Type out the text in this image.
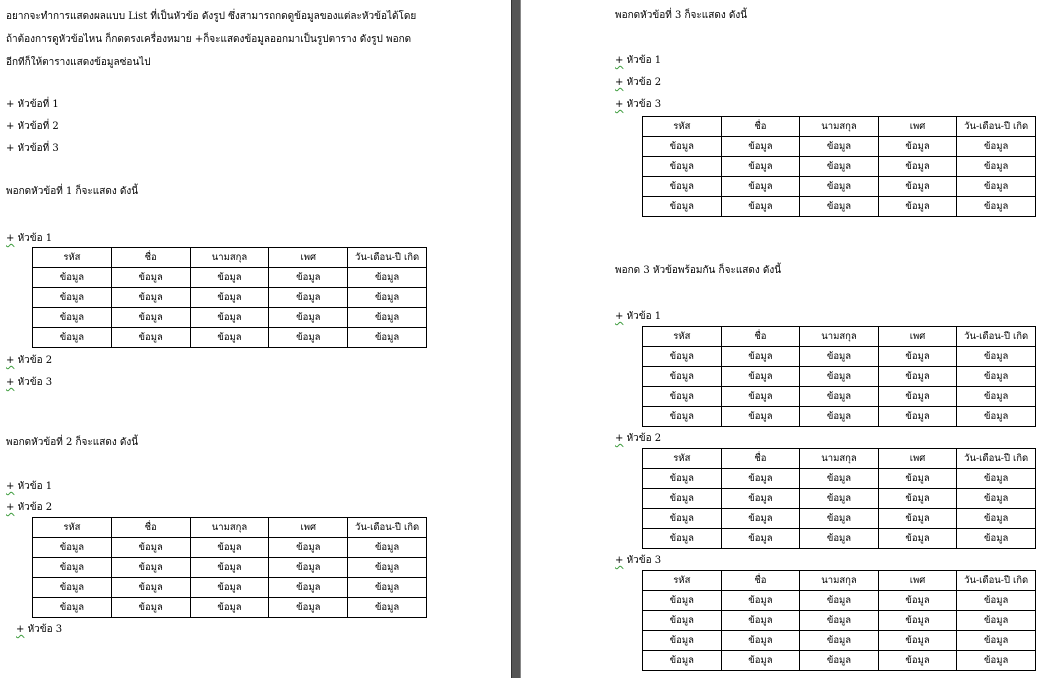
อยากจะทำการแสดงผลแบบ List ที่เป็นหัวข้อ ดังรูป ซึ่งสามารถกดดูข้อมูลของแต่ละหัวข้อได้โดย
ถ้าต้องการดูหัวข้อไหน ก็กดตรงเครื่องหมาย +ก็จะแสดงข้อมูลออกมาเป็นรูปตาราง ดังรูป พอกด
อีกทีก็ให้ตารางแสดงข้อมูลซ่อนไป
+ หัวข้อที่ 1
+ หัวข้อที่ 2
+ หัวข้อที่ 3
พอกดหัวข้อที่ 1 ก็จะแสดง ดังนี้
+ หัวข้อ 1
รหัส	ชื่อ	นามสกุล	เพศ	วัน-เดือน-ปี เกิด
ข้อมูล	ข้อมูล	ข้อมูล	ข้อมูล	ข้อมูล
ข้อมูล	ข้อมูล	ข้อมูล	ข้อมูล	ข้อมูล
ข้อมูล	ข้อมูล	ข้อมูล	ข้อมูล	ข้อมูล
ข้อมูล	ข้อมูล	ข้อมูล	ข้อมูล	ข้อมูล
+ หัวข้อ 2
+ หัวข้อ 3
พอกดหัวข้อที่ 2 ก็จะแสดง ดังนี้
+ หัวข้อ 1
+ หัวข้อ 2
รหัส	ชื่อ	นามสกุล	เพศ	วัน-เดือน-ปี เกิด
ข้อมูล	ข้อมูล	ข้อมูล	ข้อมูล	ข้อมูล
ข้อมูล	ข้อมูล	ข้อมูล	ข้อมูล	ข้อมูล
ข้อมูล	ข้อมูล	ข้อมูล	ข้อมูล	ข้อมูล
ข้อมูล	ข้อมูล	ข้อมูล	ข้อมูล	ข้อมูล
+ หัวข้อ 3
พอกดหัวข้อที่ 3 ก็จะแสดง ดังนี้
+ หัวข้อ 1
+ หัวข้อ 2
+ หัวข้อ 3
รหัส	ชื่อ	นามสกุล	เพศ	วัน-เดือน-ปี เกิด
ข้อมูล	ข้อมูล	ข้อมูล	ข้อมูล	ข้อมูล
ข้อมูล	ข้อมูล	ข้อมูล	ข้อมูล	ข้อมูล
ข้อมูล	ข้อมูล	ข้อมูล	ข้อมูล	ข้อมูล
ข้อมูล	ข้อมูล	ข้อมูล	ข้อมูล	ข้อมูล
พอกด 3 หัวข้อพร้อมกัน ก็จะแสดง ดังนี้
+ หัวข้อ 1
รหัส	ชื่อ	นามสกุล	เพศ	วัน-เดือน-ปี เกิด
ข้อมูล	ข้อมูล	ข้อมูล	ข้อมูล	ข้อมูล
ข้อมูล	ข้อมูล	ข้อมูล	ข้อมูล	ข้อมูล
ข้อมูล	ข้อมูล	ข้อมูล	ข้อมูล	ข้อมูล
ข้อมูล	ข้อมูล	ข้อมูล	ข้อมูล	ข้อมูล
+ หัวข้อ 2
รหัส	ชื่อ	นามสกุล	เพศ	วัน-เดือน-ปี เกิด
ข้อมูล	ข้อมูล	ข้อมูล	ข้อมูล	ข้อมูล
ข้อมูล	ข้อมูล	ข้อมูล	ข้อมูล	ข้อมูล
ข้อมูล	ข้อมูล	ข้อมูล	ข้อมูล	ข้อมูล
ข้อมูล	ข้อมูล	ข้อมูล	ข้อมูล	ข้อมูล
+ หัวข้อ 3
รหัส	ชื่อ	นามสกุล	เพศ	วัน-เดือน-ปี เกิด
ข้อมูล	ข้อมูล	ข้อมูล	ข้อมูล	ข้อมูล
ข้อมูล	ข้อมูล	ข้อมูล	ข้อมูล	ข้อมูล
ข้อมูล	ข้อมูล	ข้อมูล	ข้อมูล	ข้อมูล
ข้อมูล	ข้อมูล	ข้อมูล	ข้อมูล	ข้อมูล
